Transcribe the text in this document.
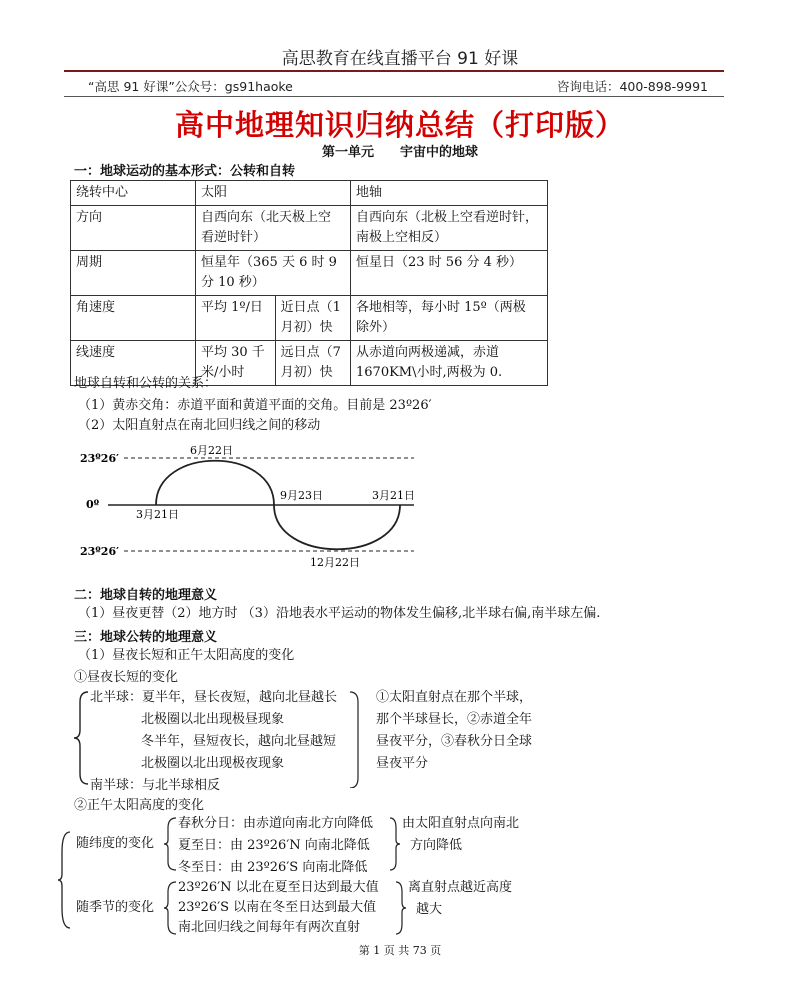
高思教育在线直播平台 91 好课
“高思 91 好课”公众号：gs91haoke	咨询电话：400-898-9991
高中地理知识归纳总结（打印版）
第一单元　　宇宙中的地球
一：地球运动的基本形式：公转和自转
绕转中心	太阳		地轴
方向	自西向东（北天极上空
看逆时针）		自西向东（北极上空看逆时针，
南极上空相反）
周期	恒星年（365 天 6 时 9
分 10 秒）		恒星日（23 时 56 分 4 秒）
角速度	平均 1º/日	近日点（1
月初）快	各地相等，每小时 15º（两极
除外）
线速度	平均 30 千
米/小时	远日点（7
月初）快	从赤道向两极递减，赤道
1670KM\小时,两极为 0.
地球自转和公转的关系：
（1）黄赤交角：赤道平面和黄道平面的交角。目前是 23º26′
（2）太阳直射点在南北回归线之间的移动
23º26′
0º
23º26′
6月22日
3月21日
9月23日	3月21日
12月22日
二：地球自转的地理意义
（1）昼夜更替（2）地方时 （3）沿地表水平运动的物体发生偏移,北半球右偏,南半球左偏.
三：地球公转的地理意义
（1）昼夜长短和正午太阳高度的变化
①昼夜长短的变化
北半球：夏半年，昼长夜短，越向北昼越长
北极圈以北出现极昼现象
冬半年，昼短夜长，越向北昼越短
北极圈以北出现极夜现象
南半球：与北半球相反
①太阳直射点在那个半球，
那个半球昼长，②赤道全年
昼夜平分，③春秋分日全球
昼夜平分
②正午太阳高度的变化
随纬度的变化
随季节的变化
春秋分日：由赤道向南北方向降低
夏至日：由 23º26′N 向南北降低
冬至日：由 23º26′S 向南北降低
由太阳直射点向南北
方向降低
23º26′N 以北在夏至日达到最大值
23º26′S 以南在冬至日达到最大值
南北回归线之间每年有两次直射
离直射点越近高度
越大
第 1 页 共 73 页
